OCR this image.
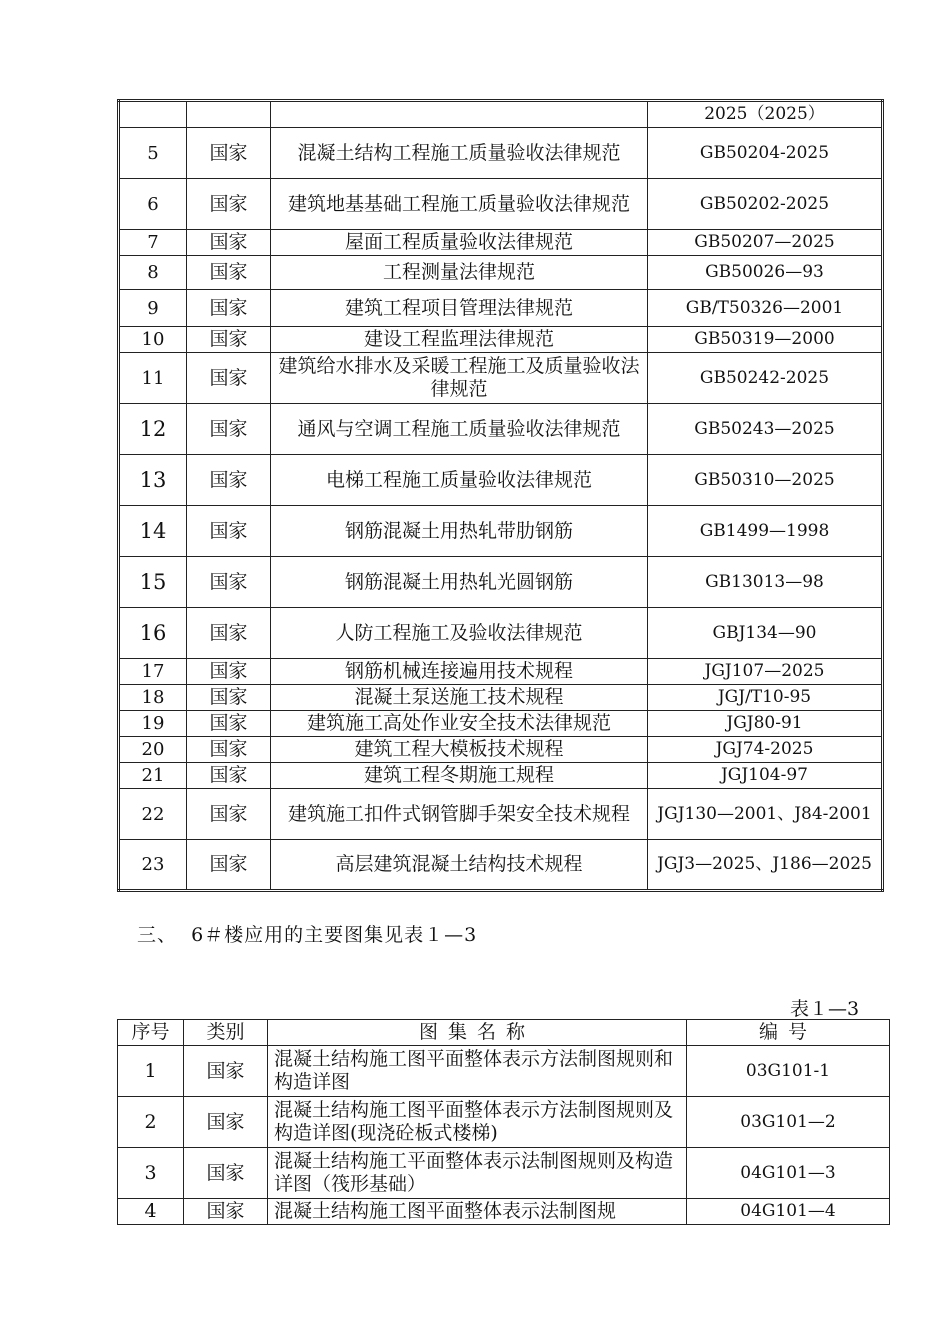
			2025（2025）
5	国家	混凝土结构工程施工质量验收法律规范	GB50204-2025
6	国家	建筑地基基础工程施工质量验收法律规范	GB50202-2025
7	国家	屋面工程质量验收法律规范	GB50207—2025
8	国家	工程测量法律规范	GB50026—93
9	国家	建筑工程项目管理法律规范	GB/T50326—2001
10	国家	建设工程监理法律规范	GB50319—2000
11	国家	建筑给水排水及采暖工程施工及质量验收法律规范	GB50242-2025
12	国家	通风与空调工程施工质量验收法律规范	GB50243—2025
13	国家	电梯工程施工质量验收法律规范	GB50310—2025
14	国家	钢筋混凝土用热轧带肋钢筋	GB1499—1998
15	国家	钢筋混凝土用热轧光圆钢筋	GB13013—98
16	国家	人防工程施工及验收法律规范	GBJ134—90
17	国家	钢筋机械连接遍用技术规程	JGJ107—2025
18	国家	混凝土泵送施工技术规程	JGJ/T10-95
19	国家	建筑施工高处作业安全技术法律规范	JGJ80-91
20	国家	建筑工程大模板技术规程	JGJ74-2025
21	国家	建筑工程冬期施工规程	JGJ104-97
22	国家	建筑施工扣件式钢管脚手架安全技术规程	JGJ130—2001、J84-2001
23	国家	高层建筑混凝土结构技术规程	JGJ3—2025、J186—2025
三、  6＃楼应用的主要图集见表１—3
表１—3
序号	类别	图集名称	编号
1	国家	混凝土结构施工图平面整体表示方法制图规则和构造详图	03G101-1
2	国家	混凝土结构施工图平面整体表示方法制图规则及构造详图(现浇砼板式楼梯)	03G101—2
3	国家	混凝土结构施工平面整体表示法制图规则及构造详图（筏形基础）	04G101—3
4	国家	混凝土结构施工图平面整体表示法制图规	04G101—4
